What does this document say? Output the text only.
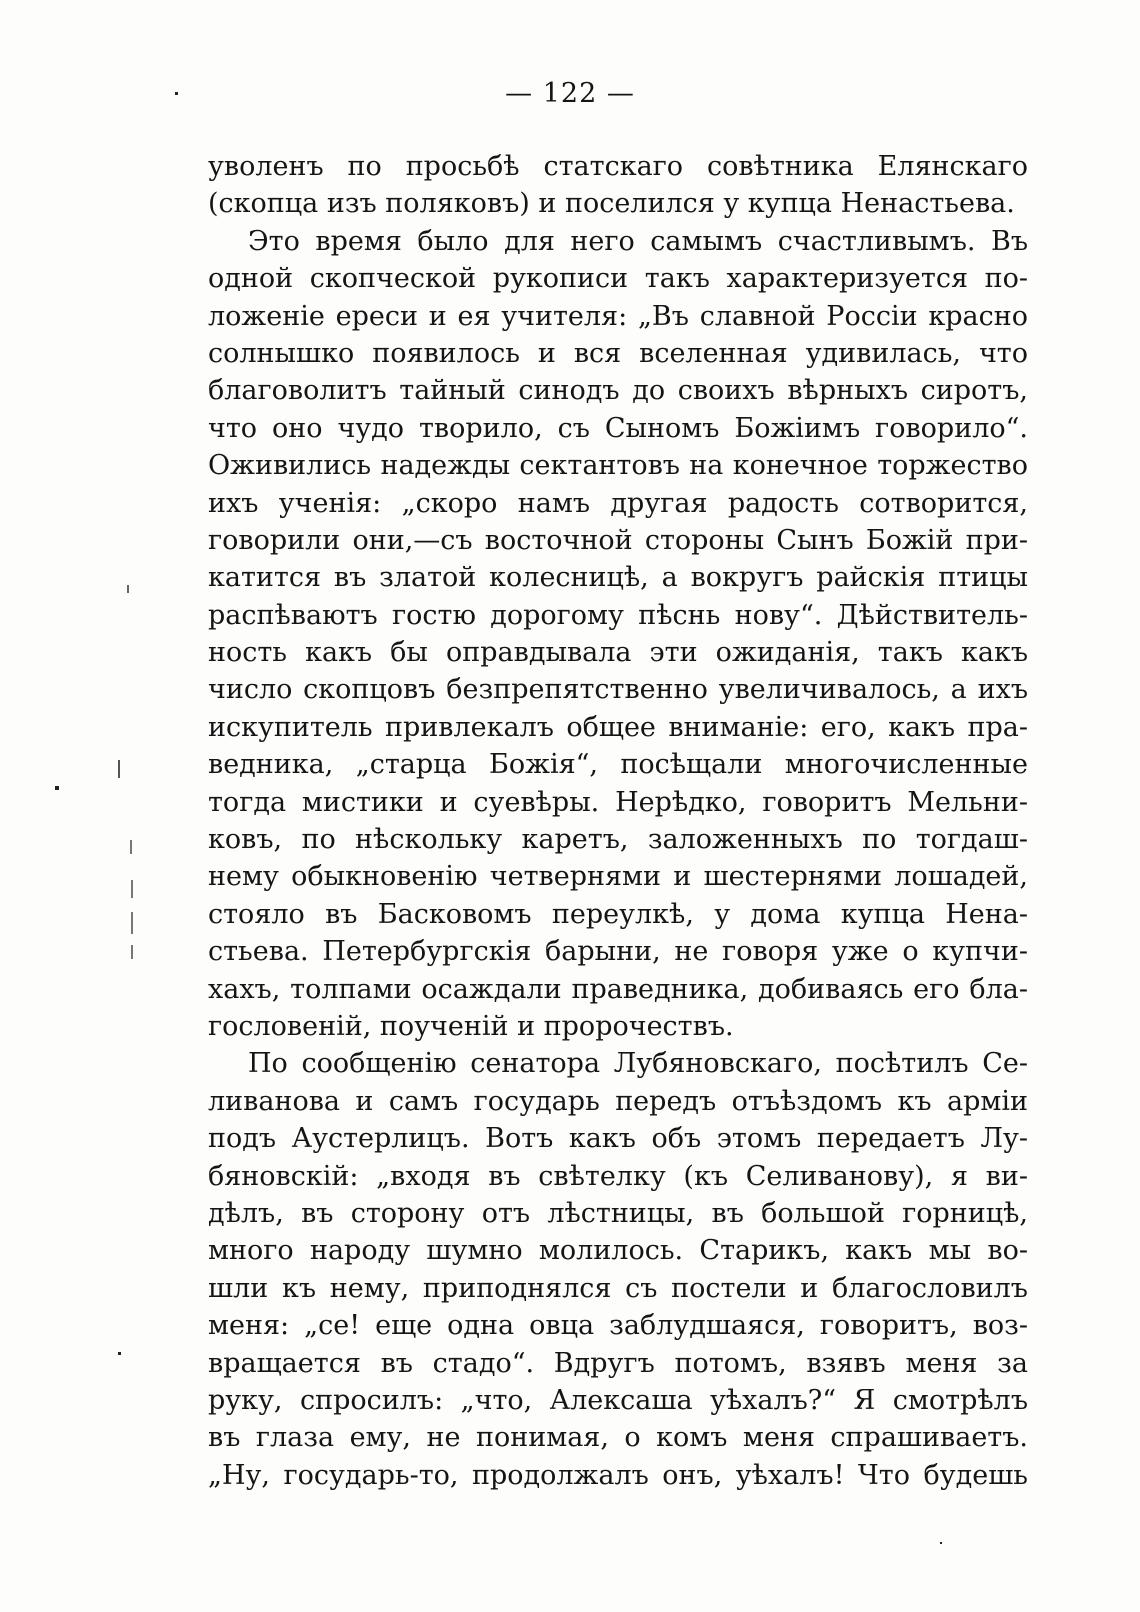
— 122 —
уволенъ по просьбѣ статскаго совѣтника Елянскаго
(скопца изъ поляковъ) и поселился у купца Ненастьева.
Это время было для него самымъ счастливымъ. Въ
одной скопческой рукописи такъ характеризуется по-
ложеніе ереси и ея учителя: „Въ славной Россіи красно
солнышко появилось и вся вселенная удивилась, что
благоволитъ тайный синодъ до своихъ вѣрныхъ сиротъ,
что оно чудо творило, съ Сыномъ Божіимъ говорило“.
Оживились надежды сектантовъ на конечное торжество
ихъ ученія: „скоро намъ другая радость сотворится,
говорили они,—съ восточной стороны Сынъ Божій при-
катится въ златой колесницѣ, а вокругъ райскія птицы
распѣваютъ гостю дорогому пѣснь нову“. Дѣйствитель-
ность какъ бы оправдывала эти ожиданія, такъ какъ
число скопцовъ безпрепятственно увеличивалось, а ихъ
искупитель привлекалъ общее вниманіе: его, какъ пра-
ведника, „старца Божія“, посѣщали многочисленные
тогда мистики и суевѣры. Нерѣдко, говоритъ Мельни-
ковъ, по нѣскольку каретъ, заложенныхъ по тогдаш-
нему обыкновенію четвернями и шестернями лошадей,
стояло въ Басковомъ переулкѣ, у дома купца Нена-
стьева. Петербургскія барыни, не говоря уже о купчи-
хахъ, толпами осаждали праведника, добиваясь его бла-
гословеній, поученій и пророчествъ.
По сообщенію сенатора Лубяновскаго, посѣтилъ Се-
ливанова и самъ государь передъ отъѣздомъ къ арміи
подъ Аустерлицъ. Вотъ какъ объ этомъ передаетъ Лу-
бяновскій: „входя въ свѣтелку (къ Селиванову), я ви-
дѣлъ, въ сторону отъ лѣстницы, въ большой горницѣ,
много народу шумно молилось. Старикъ, какъ мы во-
шли къ нему, приподнялся съ постели и благословилъ
меня: „се! еще одна овца заблудшаяся, говоритъ, воз-
вращается въ стадо“. Вдругъ потомъ, взявъ меня за
руку, спросилъ: „что, Алексаша уѣхалъ?“ Я смотрѣлъ
въ глаза ему, не понимая, о комъ меня спрашиваетъ.
„Ну, государь-то, продолжалъ онъ, уѣхалъ! Что будешь
